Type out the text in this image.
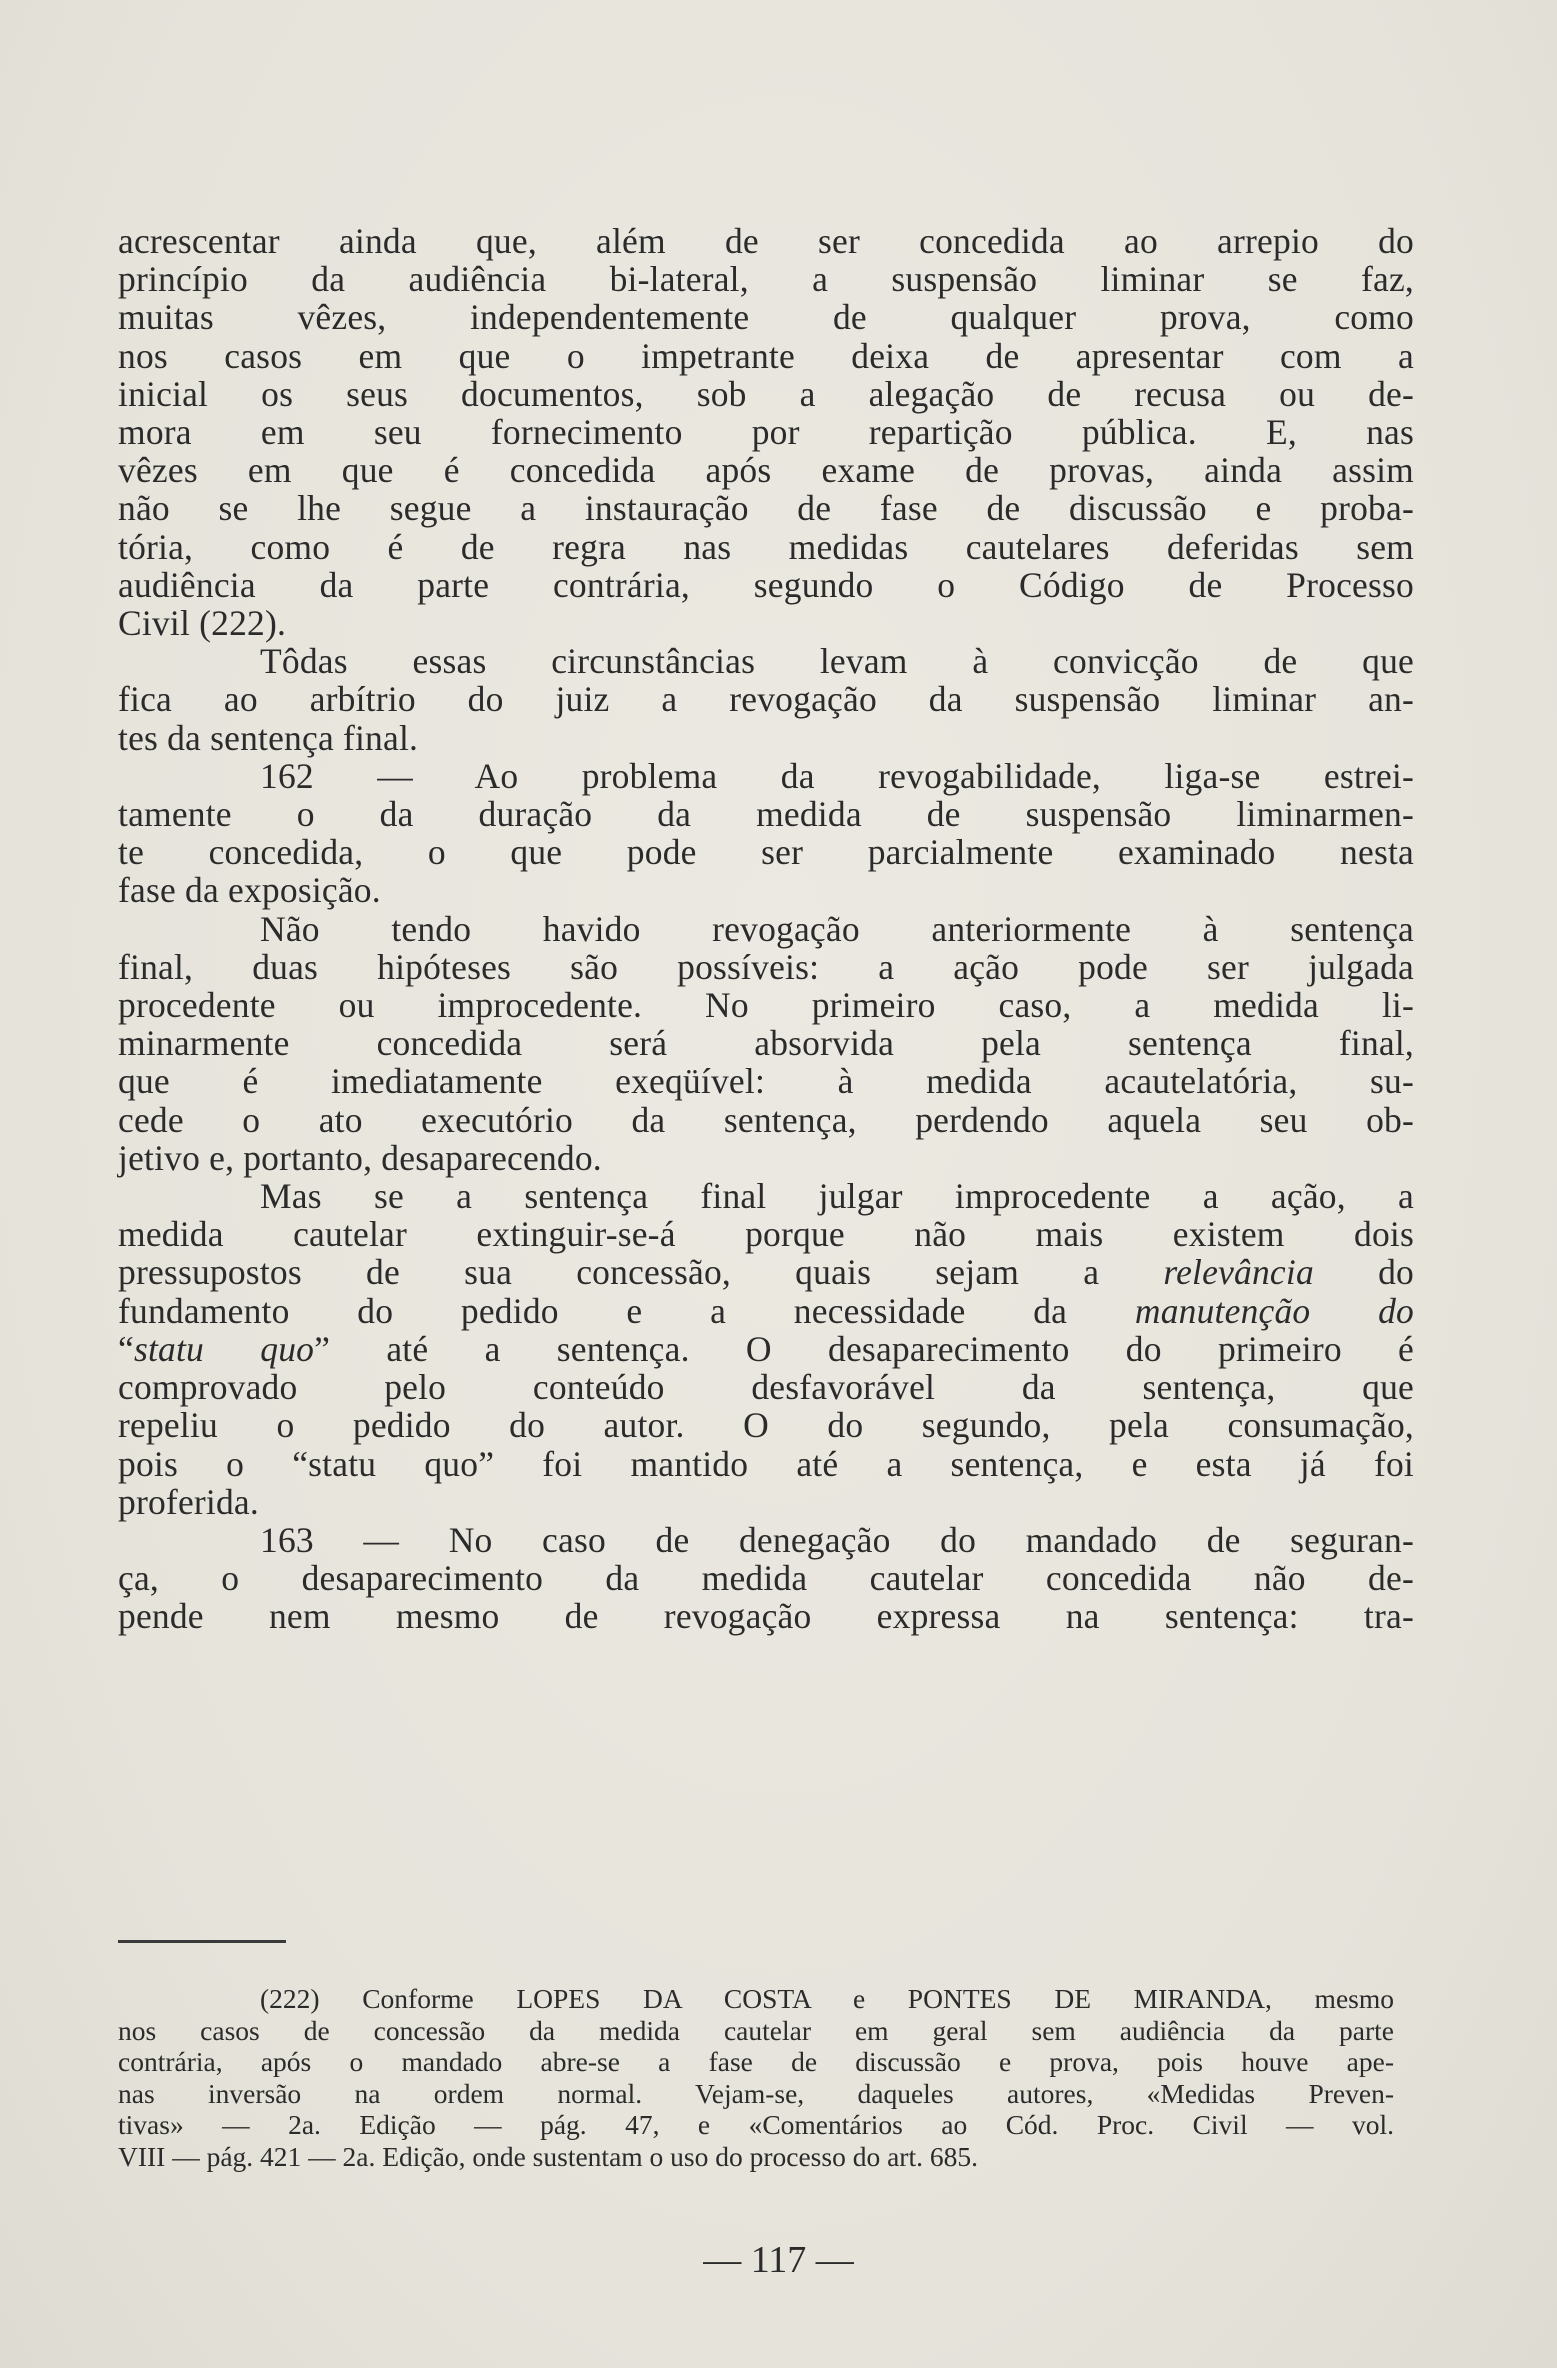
acrescentar ainda que, além de ser concedida ao arrepio do
princípio da audiência bi-lateral, a suspensão liminar se faz,
muitas vêzes, independentemente de qualquer prova, como
nos casos em que o impetrante deixa de apresentar com a
inicial os seus documentos, sob a alegação de recusa ou de-
mora em seu fornecimento por repartição pública. E, nas
vêzes em que é concedida após exame de provas, ainda assim
não se lhe segue a instauração de fase de discussão e proba-
tória, como é de regra nas medidas cautelares deferidas sem
audiência da parte contrária, segundo o Código de Processo
Civil (222).

Tôdas essas circunstâncias levam à convicção de que
fica ao arbítrio do juiz a revogação da suspensão liminar an-
tes da sentença final.

162 — Ao problema da revogabilidade, liga-se estrei-
tamente o da duração da medida de suspensão liminarmen-
te concedida, o que pode ser parcialmente examinado nesta
fase da exposição.

Não tendo havido revogação anteriormente à sentença
final, duas hipóteses são possíveis: a ação pode ser julgada
procedente ou improcedente. No primeiro caso, a medida li-
minarmente concedida será absorvida pela sentença final,
que é imediatamente exeqüível: à medida acautelatória, su-
cede o ato executório da sentença, perdendo aquela seu ob-
jetivo e, portanto, desaparecendo.

Mas se a sentença final julgar improcedente a ação, a
medida cautelar extinguir-se-á porque não mais existem dois
pressupostos de sua concessão, quais sejam a relevância do
fundamento do pedido e a necessidade da manutenção do
“statu quo” até a sentença. O desaparecimento do primeiro é
comprovado pelo conteúdo desfavorável da sentença, que
repeliu o pedido do autor. O do segundo, pela consumação,
pois o “statu quo” foi mantido até a sentença, e esta já foi
proferida.

163 — No caso de denegação do mandado de seguran-
ça, o desaparecimento da medida cautelar concedida não de-
pende nem mesmo de revogação expressa na sentença: tra-

(222) Conforme LOPES DA COSTA e PONTES DE MIRANDA, mesmo
nos casos de concessão da medida cautelar em geral sem audiência da parte
contrária, após o mandado abre-se a fase de discussão e prova, pois houve ape-
nas inversão na ordem normal. Vejam-se, daqueles autores, «Medidas Preven-
tivas» — 2a. Edição — pág. 47, e «Comentários ao Cód. Proc. Civil — vol.
VIII — pág. 421 — 2a. Edição, onde sustentam o uso do processo do art. 685.
— 117 —
